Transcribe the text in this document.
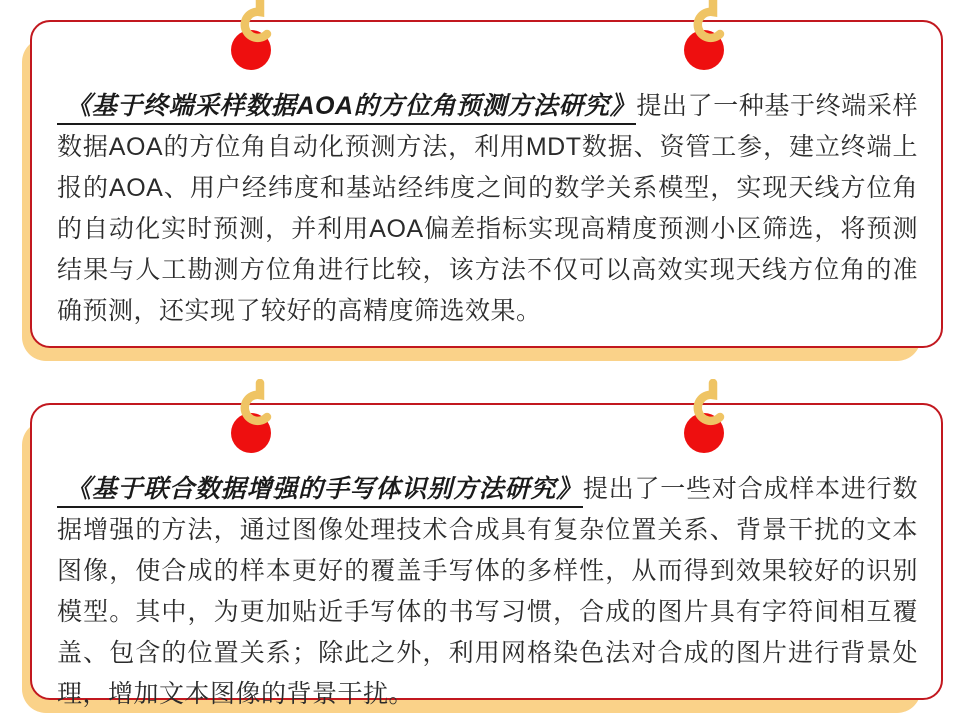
《基于终端采样数据AOA的方位角预测方法研究》提出了一种基于终端采样数据AOA的方位角自动化预测方法，利用MDT数据、资管工参，建立终端上报的AOA、用户经纬度和基站经纬度之间的数学关系模型，实现天线方位角的自动化实时预测，并利用AOA偏差指标实现高精度预测小区筛选，将预测结果与人工勘测方位角进行比较，该方法不仅可以高效实现天线方位角的准确预测，还实现了较好的高精度筛选效果。

《基于联合数据增强的手写体识别方法研究》提出了一些对合成样本进行数据增强的方法，通过图像处理技术合成具有复杂位置关系、背景干扰的文本图像，使合成的样本更好的覆盖手写体的多样性，从而得到效果较好的识别模型。其中，为更加贴近手写体的书写习惯，合成的图片具有字符间相互覆盖、包含的位置关系；除此之外，利用网格染色法对合成的图片进行背景处理，增加文本图像的背景干扰。
